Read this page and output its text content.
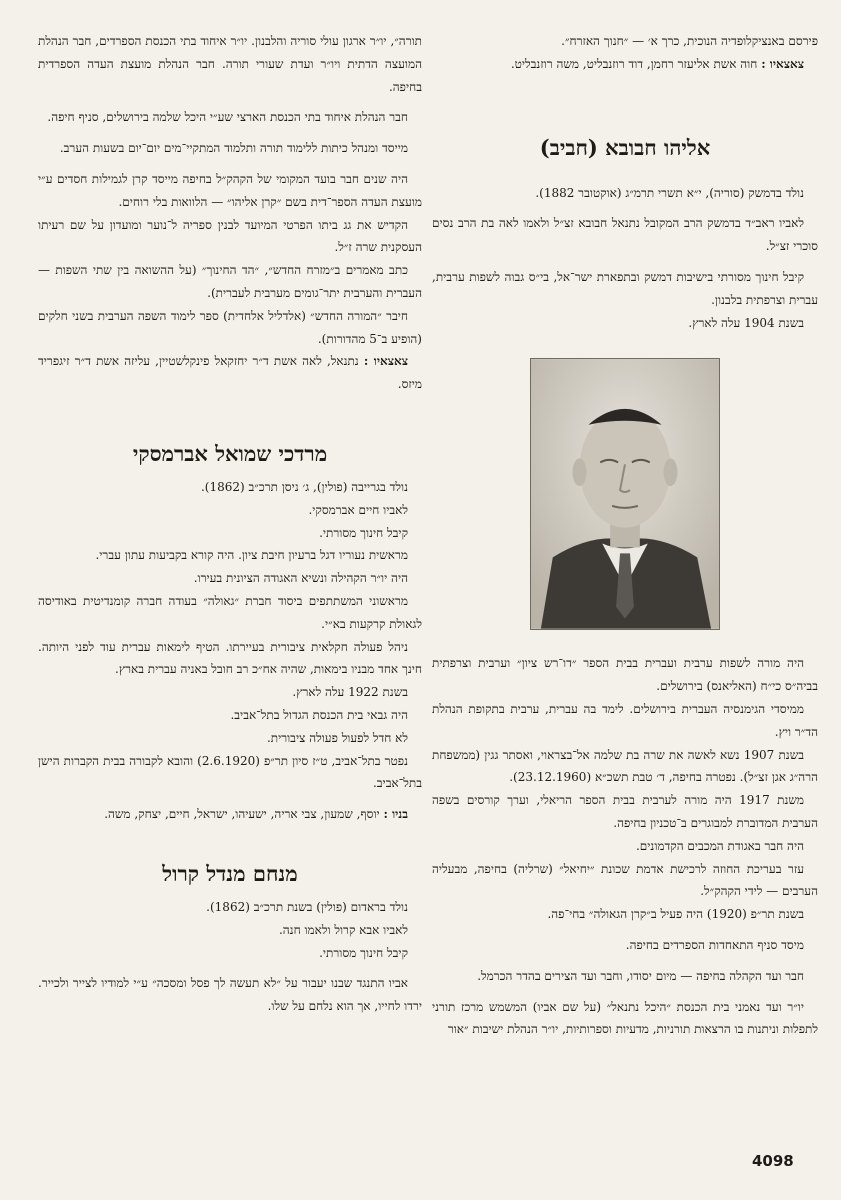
פירסם באנציקלופדיה הנוכית, כרך א׳ — ״חנוך האזרח״.

צאצאיו : חוה אשת אליעזר רחמן, דוד רוזנבליט, משה רוזנבליט.

אליהו חבובא (חביב)

נולד בדמשק (סוריה), י״א תשרי תרמ״ג (אוקטובר 1882).

לאביו ראב״ד בדמשק הרב המקובל נתנאל חבובא זצ״ל ולאמו לאה בת הרב נסים סוכרי זצ״ל.

קיבל חינוך מסורתי בישיבות דמשק ובתפארת ישר־אל, בי״ס גבוה לשפות ערבית, עברית וצרפתית בלבנון.

בשנת 1904 עלה לארץ.

היה מורה לשפות ערבית ועברית בבית הספר ״דו־רש ציון״ וערבית וצרפתית בביה״ס כי״ח (האליאנס) בירושלים.

ממיסדי הגימנסיה העברית בירושלים. לימד בה עברית, ערבית בתקופת הנהלת הד״ר ויץ.

בשנת 1907 נשא לאשה את שרה בת שלמה אל־בצראוי, ואסתר גגין (ממשפחת הרה״ג אגן זצ״ל). נפטרה בחיפה, ד׳ טבת תשכ״א (23.12.1960).

משנת 1917 היה מורה לערבית בבית הספר הריאלי, וערך קורסים בשפה הערבית המדוברת למבוגרים ב־טכניון בחיפה.

היה חבר באגודת המכבים הקדמונים.

עזר בעריכת החוזה לרכישת אדמת שכונת ״יחיאל״ (שרליה) בחיפה, מבעליה הערבים — לידי הקהק״ל.

בשנת תר״פ (1920) היה פעיל ב״קרן הגאולה״ בחי־פה.

מיסד סניף התאחדות הספרדים בחיפה.

חבר ועד הקהלה בחיפה — מיום יסודו, וחבר ועד הצירים בהדר הכרמל.

יו״ר ועד נאמני בית הכנסת ״היכל נתנאל״ (על שם אביו) המשמש מרכז תורני לתפלות וניתנות בו הרצאות תורניות, מדעיות וספרותיות, יו״ר הנהלת ישיבות ״אור

תורה״, יו״ר ארגון עולי סוריה והלבנון. יו״ר איחוד בתי הכנסת הספרדים, חבר הנהלת המועצה הדתית ויו״ר ועדת שעורי תורה. חבר הנהלת מועצת העדה הספרדית בחיפה.

חבר הנהלת איחוד בתי הכנסת הארצי שע״י היכל שלמה בירושלים, סניף חיפה.

מייסד ומנהל כיתות ללימוד תורה ותלמוד המתקיי־מים יום־יום בשעות הערב.

היה שנים חבר בועד המקומי של הקהק״ל בחיפה מייסד קרן לגמילות חסדים ע״י מועצת העדה הספר־דית בשם ״קרן אליהו״ — הלוואות בלי רוחים.

הקדיש את גג ביתו הפרטי המיועד לבנין ספריה ל־נוער ומועדון על שם רעיתו העסקנית שרה ז״ל.

כתב מאמרים ב״מזרח החדש״, ״הד החינוך״ (על ההשואה בין שתי השפות — העברית והערבית יתר־גומים מערבית לעברית).

חיבר ״המורה החדש״ (אלדליל אלחדית) ספר לימוד השפה הערבית בשני חלקים (הופיע ב־5 מהדורות).

צאצאיו : נתנאל, לאה אשת ד״ר יחזקאל פינקלשטיין, עליזה אשת ד״ר זיגפריד מיזס.

מרדכי שמואל אברמסקי

נולד בגרייבה (פולין), ג׳ ניסן תרכ״ב (1862).

לאביו חיים אברמסקי.

קיבל חינוך מסורתי.

מראשית נעוריו דגל ברעיון חיבת ציון. היה קורא בקביעות עתון עברי.

היה יו״ר הקהילה ונשיא האגודה הציונית בעירו.

מראשוני המשתתפים ביסוד חברת ״גאולה״ בעודה חברה קומנדיטית באודיסה לגאולת קרקעות בא״י.

ניהל פעולה חקלאית ציבורית בעיירתו. הטיף לימאות עברית עוד לפני היותה. חינך אחד מבניו בימאות, שהיה אח״כ רב חובל באניה עברית בארץ.

בשנת 1922 עלה לארץ.

היה גבאי בית הכנסת הגדול בתל־אביב.

לא חדל לפעול פעולה ציבורית.

נפטר בתל־אביב, ט״ז סיון תר״פ (2.6.1920) והובא לקבורה בבית הקברות הישן בתל־אביב.

בניו : יוסף, שמעון, צבי אריה, ישעיהו, ישראל, חיים, יצחק, משה.

מנחם מנדל קרול

נולד בראדום (פולין) בשנת תרכ״ב (1862).

לאביו אבא קרול ולאמו חנה.

קיבל חינוך מסורתי.

אביו התנגד שבנו יעבור על ״לא תעשה לך פסל ומסכה״ ע״י למודיו לצייר ולכייר. ירדו לחייו, אך הוא נלחם על שלו.

4098
